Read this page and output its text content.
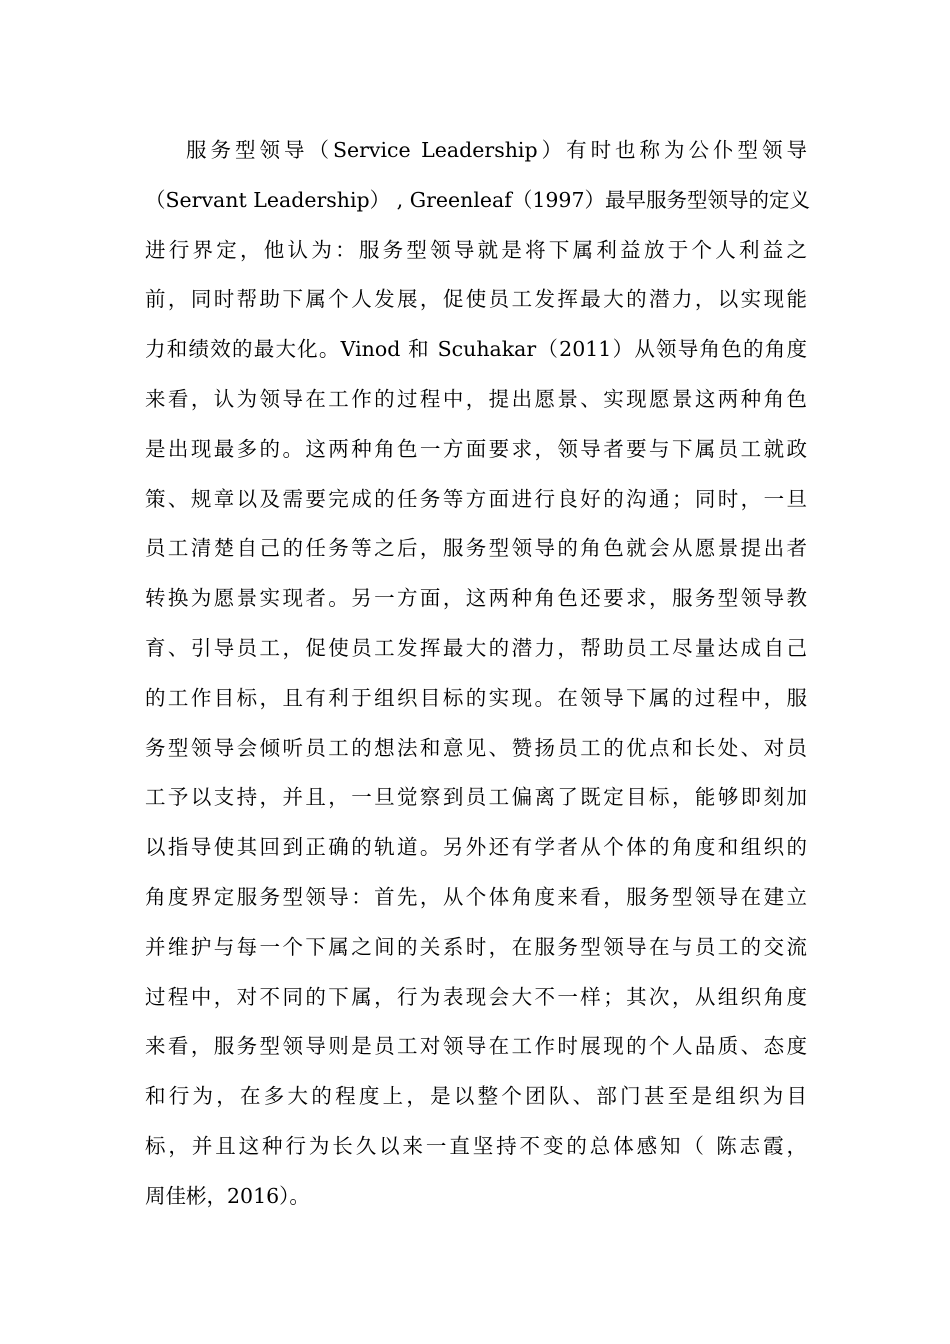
服务型领导（Service Leadership）有时也称为公仆型领导
（Servant Leadership） , Greenleaf（1997）最早服务型领导的定义
进行界定，他认为：服务型领导就是将下属利益放于个人利益之
前，同时帮助下属个人发展，促使员工发挥最大的潜力，以实现能
力和绩效的最大化。Vinod 和 Scuhakar（2011）从领导角色的角度
来看，认为领导在工作的过程中，提出愿景、实现愿景这两种角色
是出现最多的。这两种角色一方面要求，领导者要与下属员工就政
策、规章以及需要完成的任务等方面进行良好的沟通；同时，一旦
员工清楚自己的任务等之后，服务型领导的角色就会从愿景提出者
转换为愿景实现者。另一方面，这两种角色还要求，服务型领导教
育、引导员工，促使员工发挥最大的潜力，帮助员工尽量达成自己
的工作目标，且有利于组织目标的实现。在领导下属的过程中，服
务型领导会倾听员工的想法和意见、赞扬员工的优点和长处、对员
工予以支持，并且，一旦觉察到员工偏离了既定目标，能够即刻加
以指导使其回到正确的轨道。另外还有学者从个体的角度和组织的
角度界定服务型领导：首先，从个体角度来看，服务型领导在建立
并维护与每一个下属之间的关系时，在服务型领导在与员工的交流
过程中，对不同的下属，行为表现会大不一样；其次，从组织角度
来看，服务型领导则是员工对领导在工作时展现的个人品质、态度
和行为，在多大的程度上，是以整个团队、部门甚至是组织为目
标，并且这种行为长久以来一直坚持不变的总体感知（ 陈志霞，
周佳彬，2016）。
